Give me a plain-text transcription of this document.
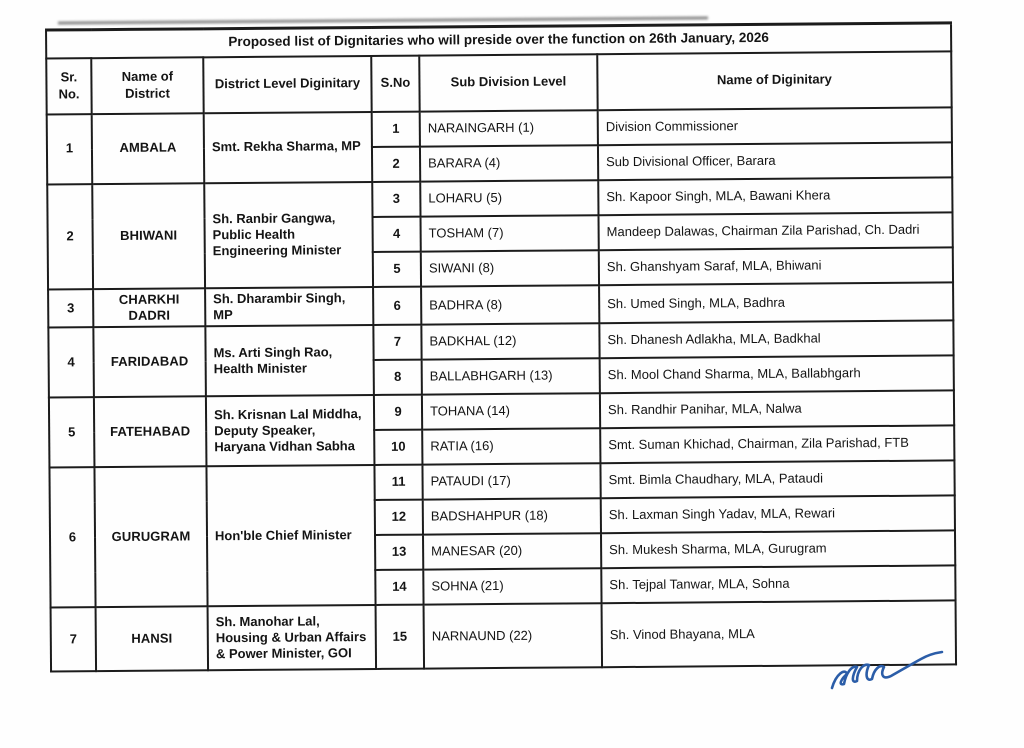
Proposed list of Dignitaries who will preside over the function on 26th January, 2026					
Sr. No.	Name of District	District Level Diginitary	S.No	Sub Division Level	Name of Diginitary
1	AMBALA	Smt. Rekha Sharma, MP	1	NARAINGARH (1)	Division Commissioner
			2	BARARA (4)	Sub Divisional Officer, Barara
2	BHIWANI	Sh. Ranbir Gangwa, Public Health Engineering Minister	3	LOHARU (5)	Sh. Kapoor Singh, MLA, Bawani Khera
			4	TOSHAM (7)	Mandeep Dalawas, Chairman Zila Parishad, Ch. Dadri
			5	SIWANI (8)	Sh. Ghanshyam Saraf, MLA, Bhiwani
3	CHARKHI DADRI	Sh. Dharambir Singh, MP	6	BADHRA (8)	Sh. Umed Singh, MLA, Badhra
4	FARIDABAD	Ms. Arti Singh Rao, Health Minister	7	BADKHAL (12)	Sh. Dhanesh Adlakha, MLA, Badkhal
			8	BALLABHGARH (13)	Sh. Mool Chand Sharma, MLA, Ballabhgarh
5	FATEHABAD	Sh. Krisnan Lal Middha, Deputy Speaker, Haryana Vidhan Sabha	9	TOHANA (14)	Sh. Randhir Panihar, MLA, Nalwa
			10	RATIA (16)	Smt. Suman Khichad, Chairman, Zila Parishad, FTB
6	GURUGRAM	Hon'ble Chief Minister	11	PATAUDI (17)	Smt. Bimla Chaudhary, MLA, Pataudi
			12	BADSHAHPUR (18)	Sh. Laxman Singh Yadav, MLA, Rewari
			13	MANESAR (20)	Sh. Mukesh Sharma, MLA, Gurugram
			14	SOHNA (21)	Sh. Tejpal Tanwar, MLA, Sohna
7	HANSI	Sh. Manohar Lal, Housing & Urban Affairs & Power Minister, GOI	15	NARNAUND (22)	Sh. Vinod Bhayana, MLA
